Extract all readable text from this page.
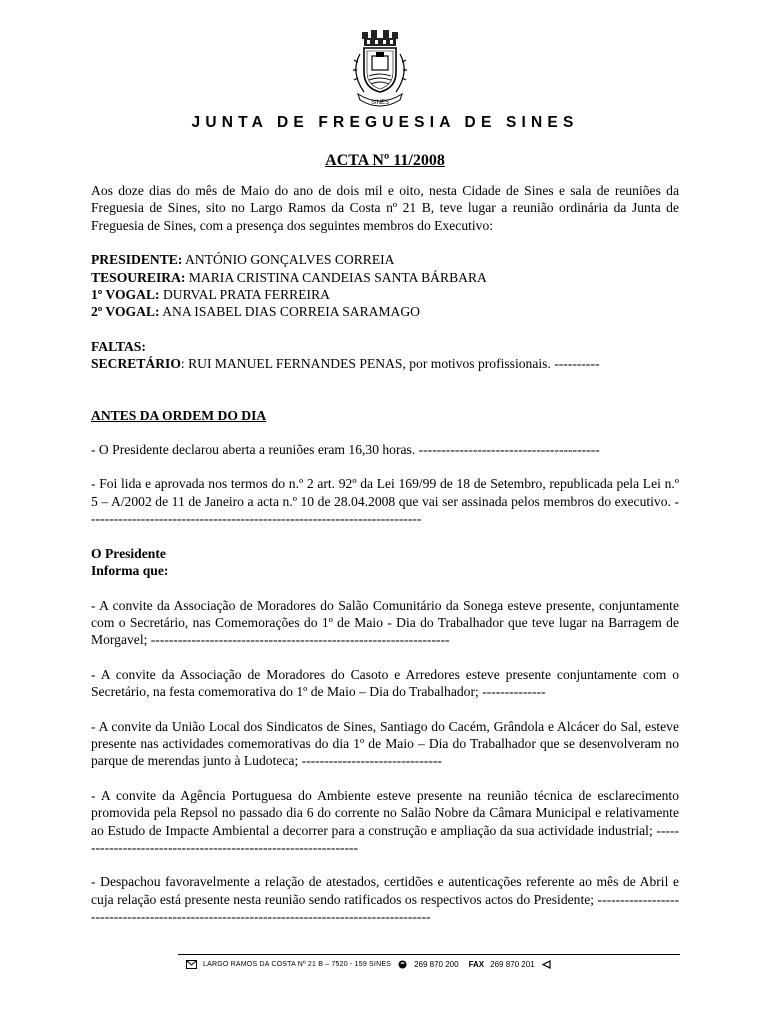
SINES
JUNTA DE FREGUESIA DE SINES
ACTA Nº 11/2008

Aos doze dias do mês de Maio do ano de dois mil e oito, nesta Cidade de Sines e sala de reuniões da Freguesia de Sines, sito no Largo Ramos da Costa nº 21 B, teve lugar a reunião ordinária da Junta de Freguesia de Sines, com a presença dos seguintes membros do Executivo:

PRESIDENTE: ANTÓNIO GONÇALVES CORREIA
TESOUREIRA: MARIA CRISTINA CANDEIAS SANTA BÁRBARA
1º VOGAL: DURVAL PRATA FERREIRA
2º VOGAL: ANA ISABEL DIAS CORREIA SARAMAGO
FALTAS:
SECRETÁRIO: RUI MANUEL FERNANDES PENAS, por motivos profissionais. ----------
ANTES DA ORDEM DO DIA

- O Presidente declarou aberta a reuniões eram 16,30 horas. ----------------------------------------

- Foi lida e aprovada nos termos do n.º 2 art. 92º da Lei 169/99 de 18 de Setembro, republicada pela Lei n.º 5 – A/2002 de 11 de Janeiro a acta n.º 10 de 28.04.2008 que vai ser assinada pelos membros do executivo. --------------------------------------------------------------------------

O Presidente
Informa que:

- A convite da Associação de Moradores do Salão Comunitário da Sonega esteve presente, conjuntamente com o Secretário, nas Comemorações do 1º de Maio - Dia do Trabalhador que teve lugar na Barragem de Morgavel; ------------------------------------------------------------------

- A convite da Associação de Moradores do Casoto e Arredores esteve presente conjuntamente com o Secretário, na festa comemorativa do 1º de Maio – Dia do Trabalhador; --------------

- A convite da União Local dos Sindicatos de Sines, Santiago do Cacém, Grândola e Alcácer do Sal, esteve presente nas actividades comemorativas do dia 1º de Maio – Dia do Trabalhador que se desenvolveram no parque de merendas junto à Ludoteca; -------------------------------

- A convite da Agência Portuguesa do Ambiente esteve presente na reunião técnica de esclarecimento promovida pela Repsol no passado dia 6 do corrente no Salão Nobre da Câmara Municipal e relativamente ao Estudo de Impacte Ambiental a decorrer para a construção e ampliação da sua actividade industrial; ----------------------------------------------------------------

- Despachou favoravelmente a relação de atestados, certidões e autenticações referente ao mês de Abril e cuja relação está presente nesta reunião sendo ratificados os respectivos actos do Presidente; ---------------------------------------------------------------------------------------------

LARGO RAMOS DA COSTA Nº 21 B – 7520 - 159 SINES	269 870 200 FAX 269 870 201
